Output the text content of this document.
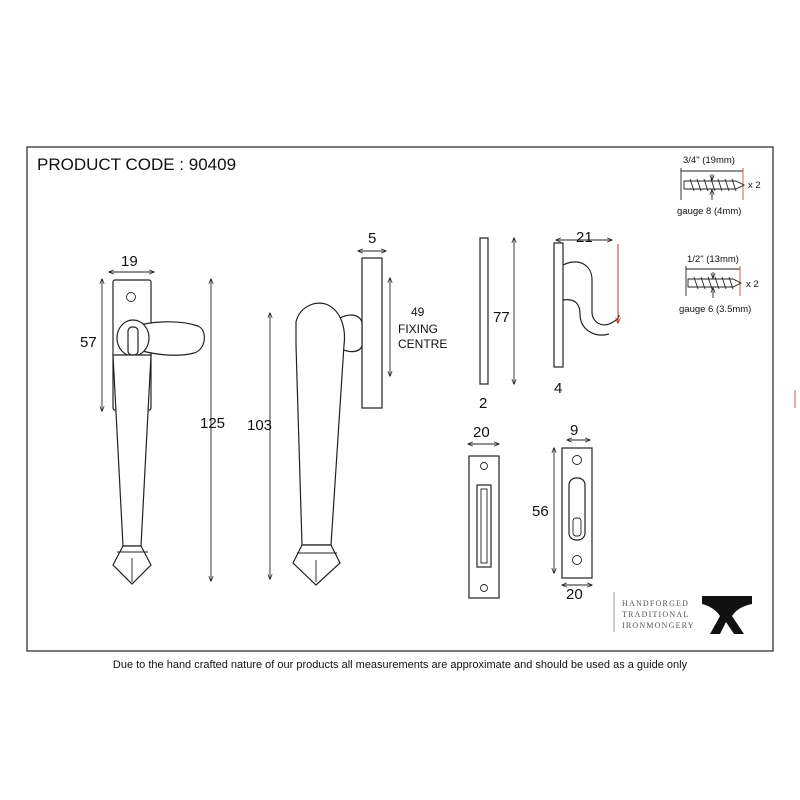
PRODUCT CODE : 90409
19
57
125 103
5
49
FIXING
CENTRE
77
2
21
4
20	9
56
20
3/4" (19mm)
x 2
gauge 8 (4mm)
1/2" (13mm)
x 2
gauge 6 (3.5mm)
HANDFORGED
TRADITIONAL
IRONMONGERY
Due to the hand crafted nature of our products all measurements are approximate and should be used as a guide only
